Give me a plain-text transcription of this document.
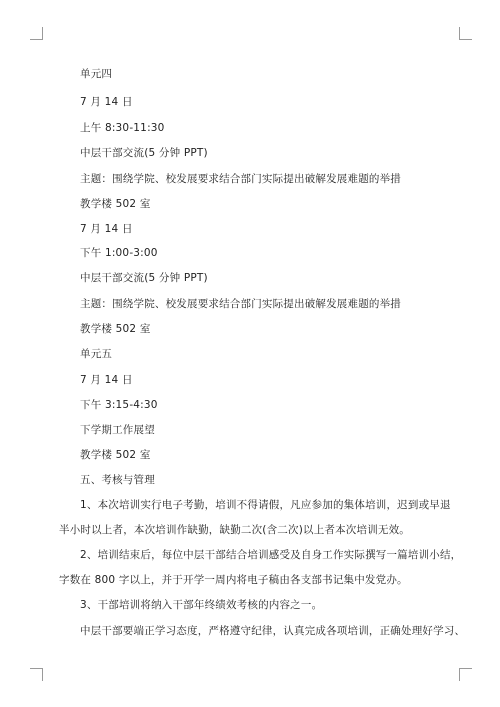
单元四
7 月 14 日
上午 8:30-11:30
中层干部交流(5 分钟 PPT)
主题：围绕学院、校发展要求结合部门实际提出破解发展难题的举措
教学楼 502 室
7 月 14 日
下午 1:00-3:00
中层干部交流(5 分钟 PPT)
主题：围绕学院、校发展要求结合部门实际提出破解发展难题的举措
教学楼 502 室
单元五
7 月 14 日
下午 3:15-4:30
下学期工作展望
教学楼 502 室
五、考核与管理
1、本次培训实行电子考勤，培训不得请假，凡应参加的集体培训，迟到或早退
半小时以上者，本次培训作缺勤，缺勤二次(含二次)以上者本次培训无效。
2、培训结束后，每位中层干部结合培训感受及自身工作实际撰写一篇培训小结，
字数在 800 字以上，并于开学一周内将电子稿由各支部书记集中发党办。
3、干部培训将纳入干部年终绩效考核的内容之一。
中层干部要端正学习态度，严格遵守纪律，认真完成各项培训，正确处理好学习、
